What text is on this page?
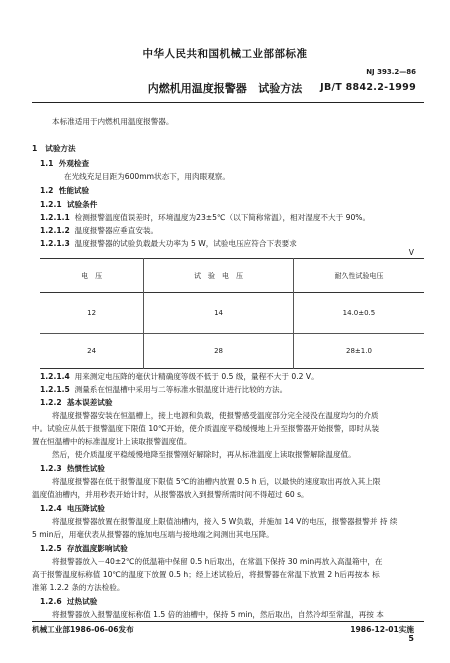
中华人民共和国机械工业部部标准
NJ 393.2—86
内燃机用温度报警器 试验方法	JB/T 8842.2-1999
本标准适用于内燃机用温度报警器。
1 试验方法
1.1 外观检查
在光线充足目距为600mm状态下，用肉眼观察。
1.2 性能试验
1.2.1 试验条件
1.2.1.1 检测报警温度值误差时，环境温度为23±5℃（以下简称常温），相对湿度不大于 90%。
1.2.1.2 温度报警器应垂直安装。
1.2.1.3 温度报警器的试验负载最大功率为 5 W，试验电压应符合下表要求
V
电　压	试　验　电　压	耐久性试验电压
12	14	14.0±0.5
24	28	28±1.0
1.2.1.4 用来测定电压降的毫伏计精确度等级不低于 0.5 级，量程不大于 0.2 V。
1.2.1.5 测量系在恒温槽中采用与二等标准水银温度计进行比较的方法。
1.2.2 基本误差试验
将温度报警器安装在恒温槽上，接上电源和负载，使报警感受温度部分完全浸没在温度均匀的介质
中。试验应从低于报警温度下限值 10℃开始，使介质温度平稳缓慢地上升至报警器开始报警，即时从装
置在恒温槽中的标准温度计上读取报警温度值。
然后，使介质温度平稳缓慢地降至报警刚好解除时，再从标准温度上读取报警解除温度值。
1.2.3 热惯性试验
将温度报警器在低于报警温度下限值 5℃的油槽内放置 0.5 h 后，以最快的速度取出再放入其上限
温度值油槽内，并用秒表开始计时，从报警器放入到报警所需时间不得超过 60 s。
1.2.4 电压降试验
将温度报警器放置在报警温度上限值油槽内，接入 5 W负载，并施加 14 V的电压，报警器报警并 持 续
5 min后，用毫伏表从报警器的施加电压端与接地端之间测出其电压降。
1.2.5 存放温度影响试验
将报警器放入－40±2℃的低温箱中保留 0.5 h后取出，在常温下保持 30 min再放入高温箱中，在
高于报警温度标称值 10℃的温度下放置 0.5 h；经上述试验后，将报警器在常温下放置 2 h后再按本 标
准第 1.2.2 条的方法检验。
1.2.6 过热试验
将报警器放入报警温度标称值 1.5 倍的油槽中，保持 5 min，然后取出，自然冷却至常温，再按 本
机械工业部1986-06-06发布	1986-12-01实施
5
